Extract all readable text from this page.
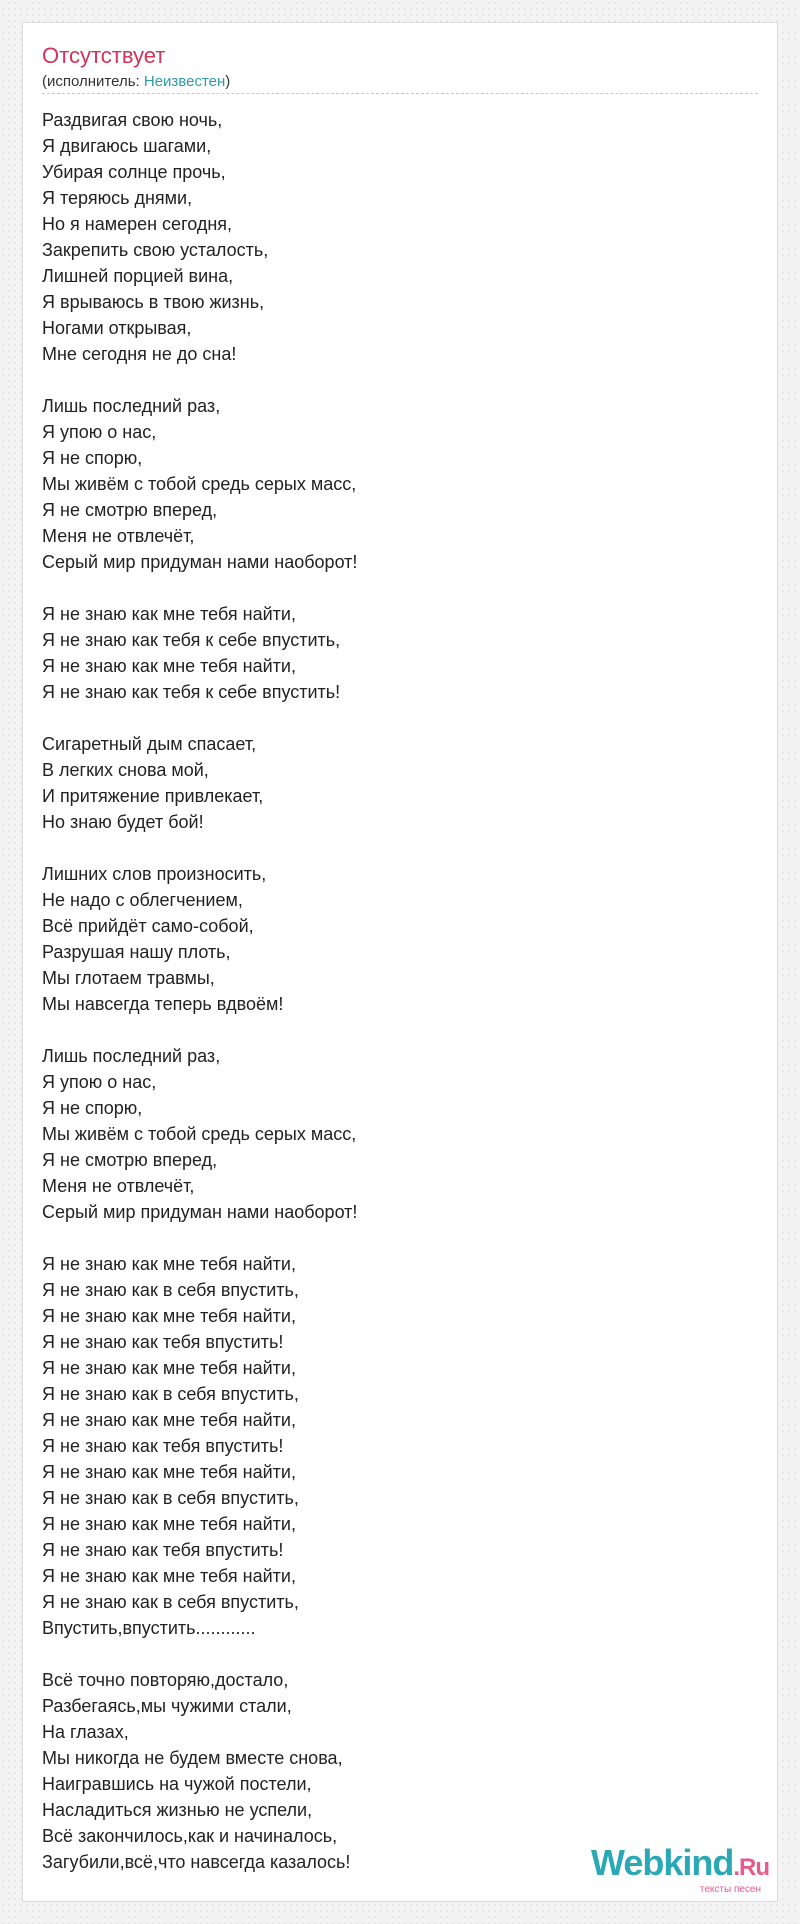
Отсутствует
(исполнитель: Неизвестен)
Раздвигая свою ночь,
Я двигаюсь шагами,
Убирая солнце прочь,
Я теряюсь днями,
Но я намерен сегодня,
Закрепить свою усталость,
Лишней порцией вина,
Я врываюсь в твою жизнь,
Ногами открывая,
Мне сегодня не до сна!
Лишь последний раз,
Я упою о нас,
Я не спорю,
Мы живём с тобой средь серых масс,
Я не смотрю вперед,
Меня не отвлечёт,
Серый мир придуман нами наоборот!
Я не знаю как мне тебя найти,
Я не знаю как тебя к себе впустить,
Я не знаю как мне тебя найти,
Я не знаю как тебя к себе впустить!
Сигаретный дым спасает,
В легких снова мой,
И притяжение привлекает,
Но знаю будет бой!
Лишних слов произносить,
Не надо с облегчением,
Всё прийдёт само-собой,
Разрушая нашу плоть,
Мы глотаем травмы,
Мы навсегда теперь вдвоём!
Лишь последний раз,
Я упою о нас,
Я не спорю,
Мы живём с тобой средь серых масс,
Я не смотрю вперед,
Меня не отвлечёт,
Серый мир придуман нами наоборот!
Я не знаю как мне тебя найти,
Я не знаю как в себя впустить,
Я не знаю как мне тебя найти,
Я не знаю как тебя впустить!
Я не знаю как мне тебя найти,
Я не знаю как в себя впустить,
Я не знаю как мне тебя найти,
Я не знаю как тебя впустить!
Я не знаю как мне тебя найти,
Я не знаю как в себя впустить,
Я не знаю как мне тебя найти,
Я не знаю как тебя впустить!
Я не знаю как мне тебя найти,
Я не знаю как в себя впустить,
Впустить,впустить............
Всё точно повторяю,достало,
Разбегаясь,мы чужими стали,
На глазах,
Мы никогда не будем вместе снова,
Наигравшись на чужой постели,
Насладиться жизнью не успели,
Всё закончилось,как и начиналось,
Загубили,всё,что навсегда казалось!	Webkind.Ru
тексты песен
